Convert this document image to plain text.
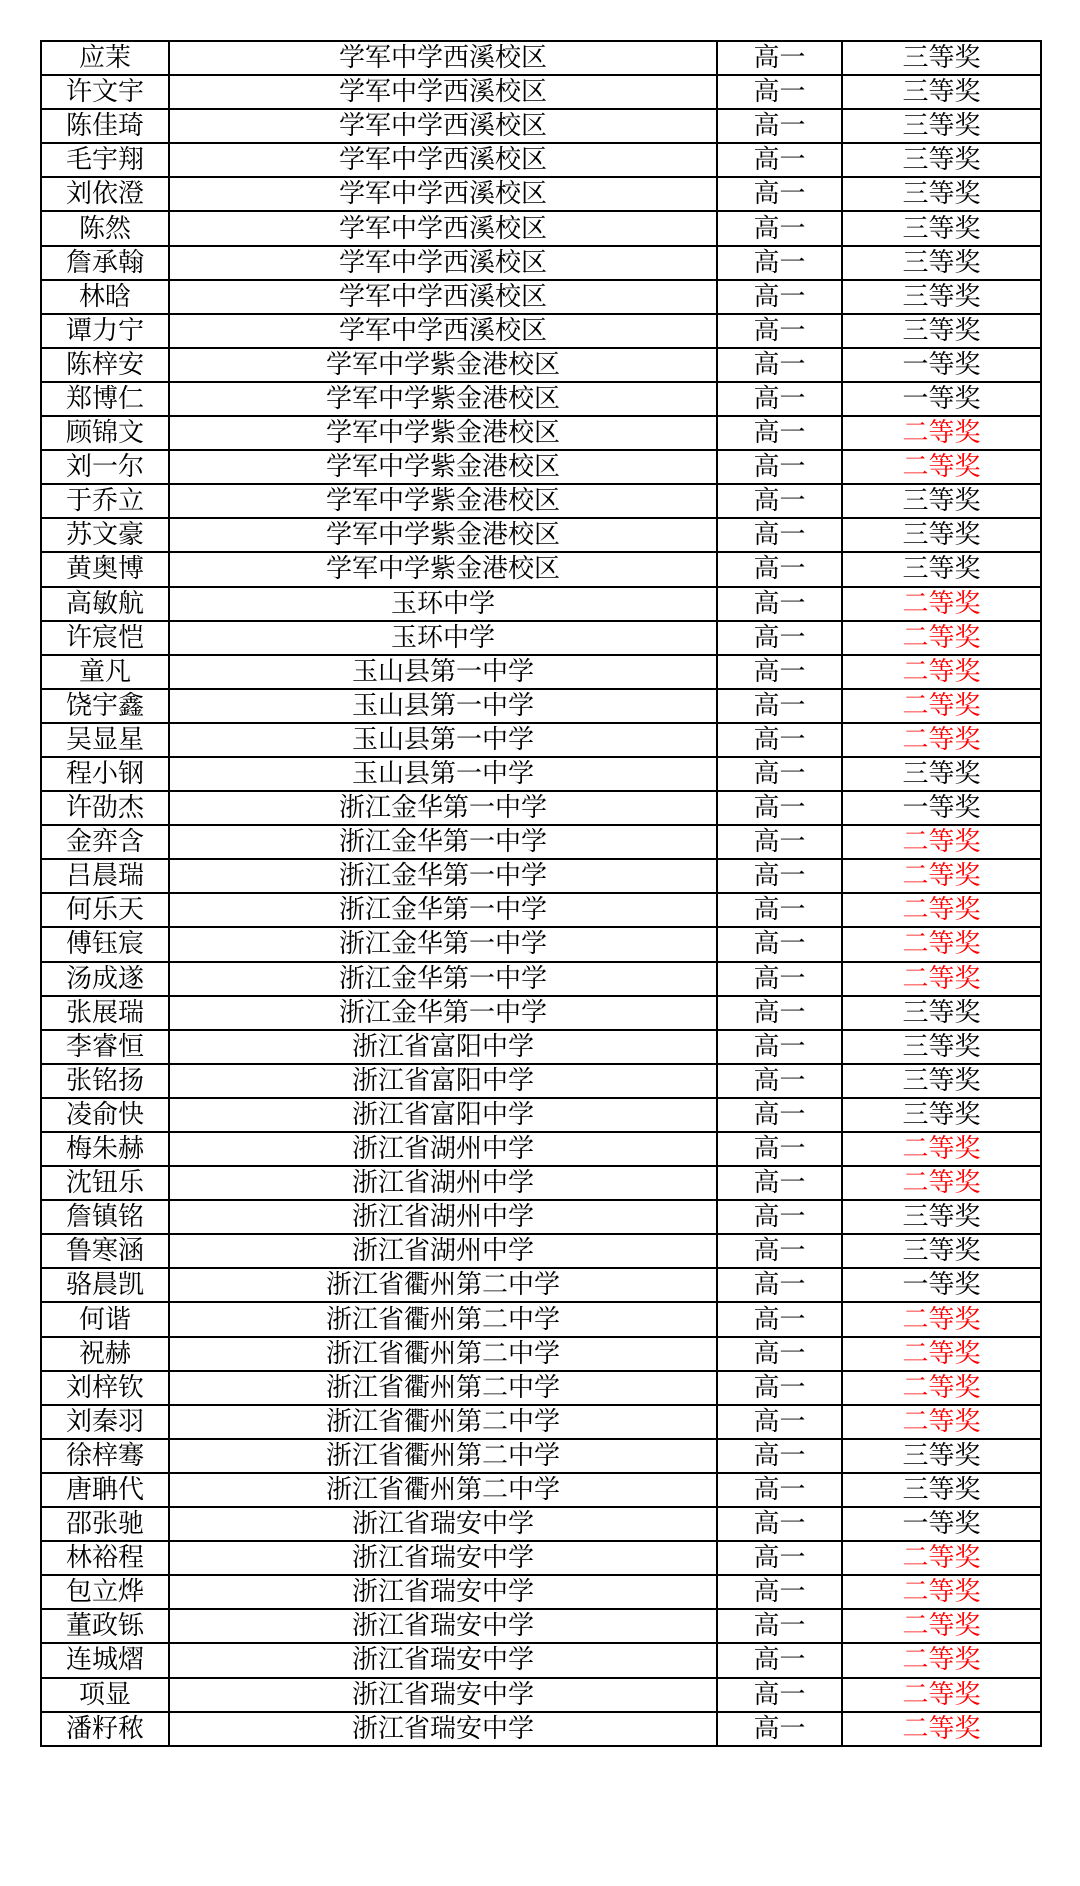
应茉	学军中学西溪校区	高一	三等奖
许文宇	学军中学西溪校区	高一	三等奖
陈佳琦	学军中学西溪校区	高一	三等奖
毛宇翔	学军中学西溪校区	高一	三等奖
刘依澄	学军中学西溪校区	高一	三等奖
陈然	学军中学西溪校区	高一	三等奖
詹承翰	学军中学西溪校区	高一	三等奖
林晗	学军中学西溪校区	高一	三等奖
谭力宁	学军中学西溪校区	高一	三等奖
陈梓安	学军中学紫金港校区	高一	一等奖
郑博仁	学军中学紫金港校区	高一	一等奖
顾锦文	学军中学紫金港校区	高一	二等奖
刘一尔	学军中学紫金港校区	高一	二等奖
于乔立	学军中学紫金港校区	高一	三等奖
苏文豪	学军中学紫金港校区	高一	三等奖
黄奥博	学军中学紫金港校区	高一	三等奖
高敏航	玉环中学	高一	二等奖
许宸恺	玉环中学	高一	二等奖
童凡	玉山县第一中学	高一	二等奖
饶宇鑫	玉山县第一中学	高一	二等奖
吴显星	玉山县第一中学	高一	二等奖
程小钢	玉山县第一中学	高一	三等奖
许劭杰	浙江金华第一中学	高一	一等奖
金弈含	浙江金华第一中学	高一	二等奖
吕晨瑞	浙江金华第一中学	高一	二等奖
何乐天	浙江金华第一中学	高一	二等奖
傅钰宸	浙江金华第一中学	高一	二等奖
汤成遂	浙江金华第一中学	高一	二等奖
张展瑞	浙江金华第一中学	高一	三等奖
李睿恒	浙江省富阳中学	高一	三等奖
张铭扬	浙江省富阳中学	高一	三等奖
凌俞快	浙江省富阳中学	高一	三等奖
梅朱赫	浙江省湖州中学	高一	二等奖
沈钮乐	浙江省湖州中学	高一	二等奖
詹镇铭	浙江省湖州中学	高一	三等奖
鲁寒涵	浙江省湖州中学	高一	三等奖
骆晨凯	浙江省衢州第二中学	高一	一等奖
何谐	浙江省衢州第二中学	高一	二等奖
祝赫	浙江省衢州第二中学	高一	二等奖
刘梓钦	浙江省衢州第二中学	高一	二等奖
刘秦羽	浙江省衢州第二中学	高一	二等奖
徐梓骞	浙江省衢州第二中学	高一	三等奖
唐聃代	浙江省衢州第二中学	高一	三等奖
邵张驰	浙江省瑞安中学	高一	一等奖
林裕程	浙江省瑞安中学	高一	二等奖
包立烨	浙江省瑞安中学	高一	二等奖
董政铄	浙江省瑞安中学	高一	二等奖
连城熠	浙江省瑞安中学	高一	二等奖
项显	浙江省瑞安中学	高一	二等奖
潘籽秾	浙江省瑞安中学	高一	二等奖
